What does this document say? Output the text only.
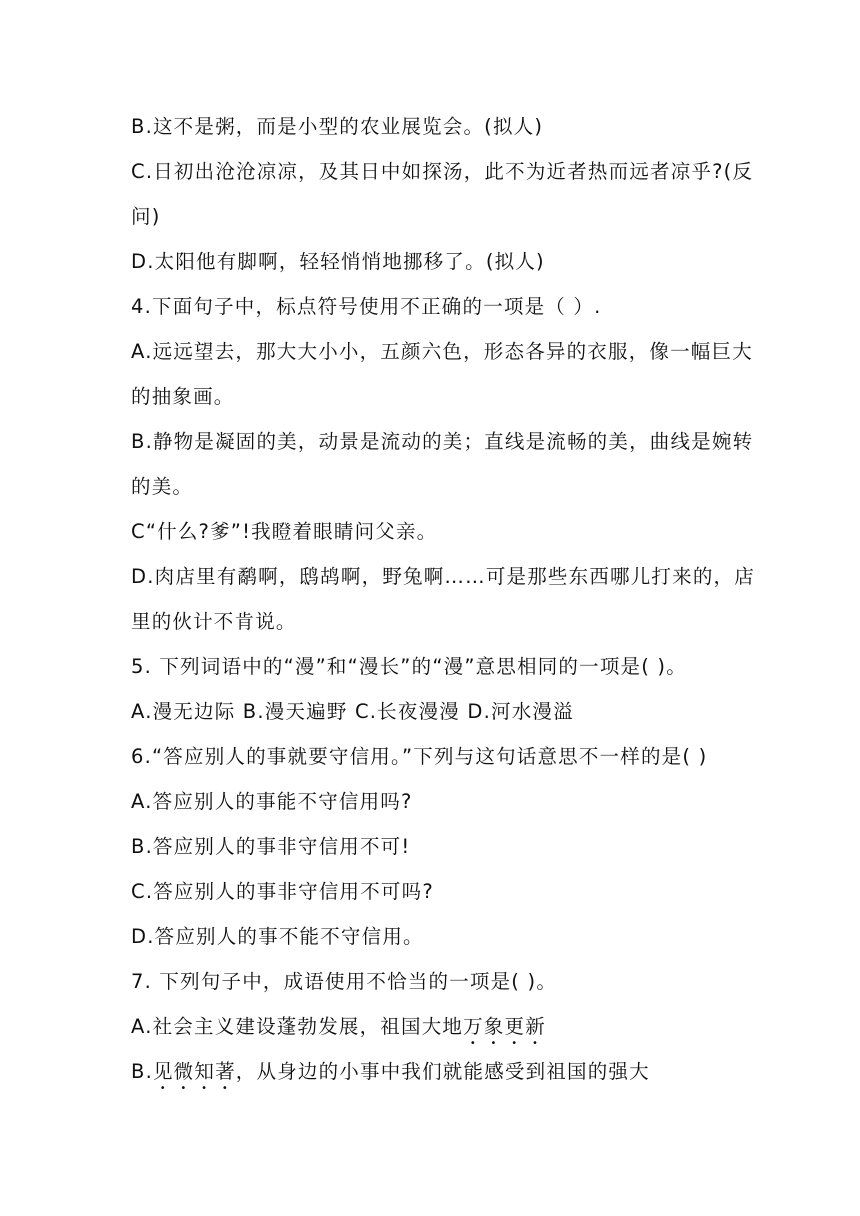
B.这不是粥，而是小型的农业展览会。(拟人)
C.日初出沧沧凉凉，及其日中如探汤，此不为近者热而远者凉乎?(反
问)
D.太阳他有脚啊，轻轻悄悄地挪移了。(拟人)
4.下面句子中，标点符号使用不正确的一项是（ ）.
A.远远望去，那大大小小，五颜六色，形态各异的衣服，像一幅巨大
的抽象画。
B.静物是凝固的美，动景是流动的美；直线是流畅的美，曲线是婉转
的美。
C“什么?爹”!我瞪着眼睛问父亲。
D.肉店里有鹬啊，鸱鸪啊，野兔啊……可是那些东西哪儿打来的，店
里的伙计不肯说。
5. 下列词语中的“漫”和“漫长”的“漫”意思相同的一项是( )。
A.漫无边际 B.漫天遍野 C.长夜漫漫 D.河水漫溢
6.“答应别人的事就要守信用。”下列与这句话意思不一样的是( )
A.答应别人的事能不守信用吗?
B.答应别人的事非守信用不可!
C.答应别人的事非守信用不可吗?
D.答应别人的事不能不守信用。
7. 下列句子中，成语使用不恰当的一项是( )。
A.社会主义建设蓬勃发展，祖国大地万象更新
B.见微知著，从身边的小事中我们就能感受到祖国的强大
